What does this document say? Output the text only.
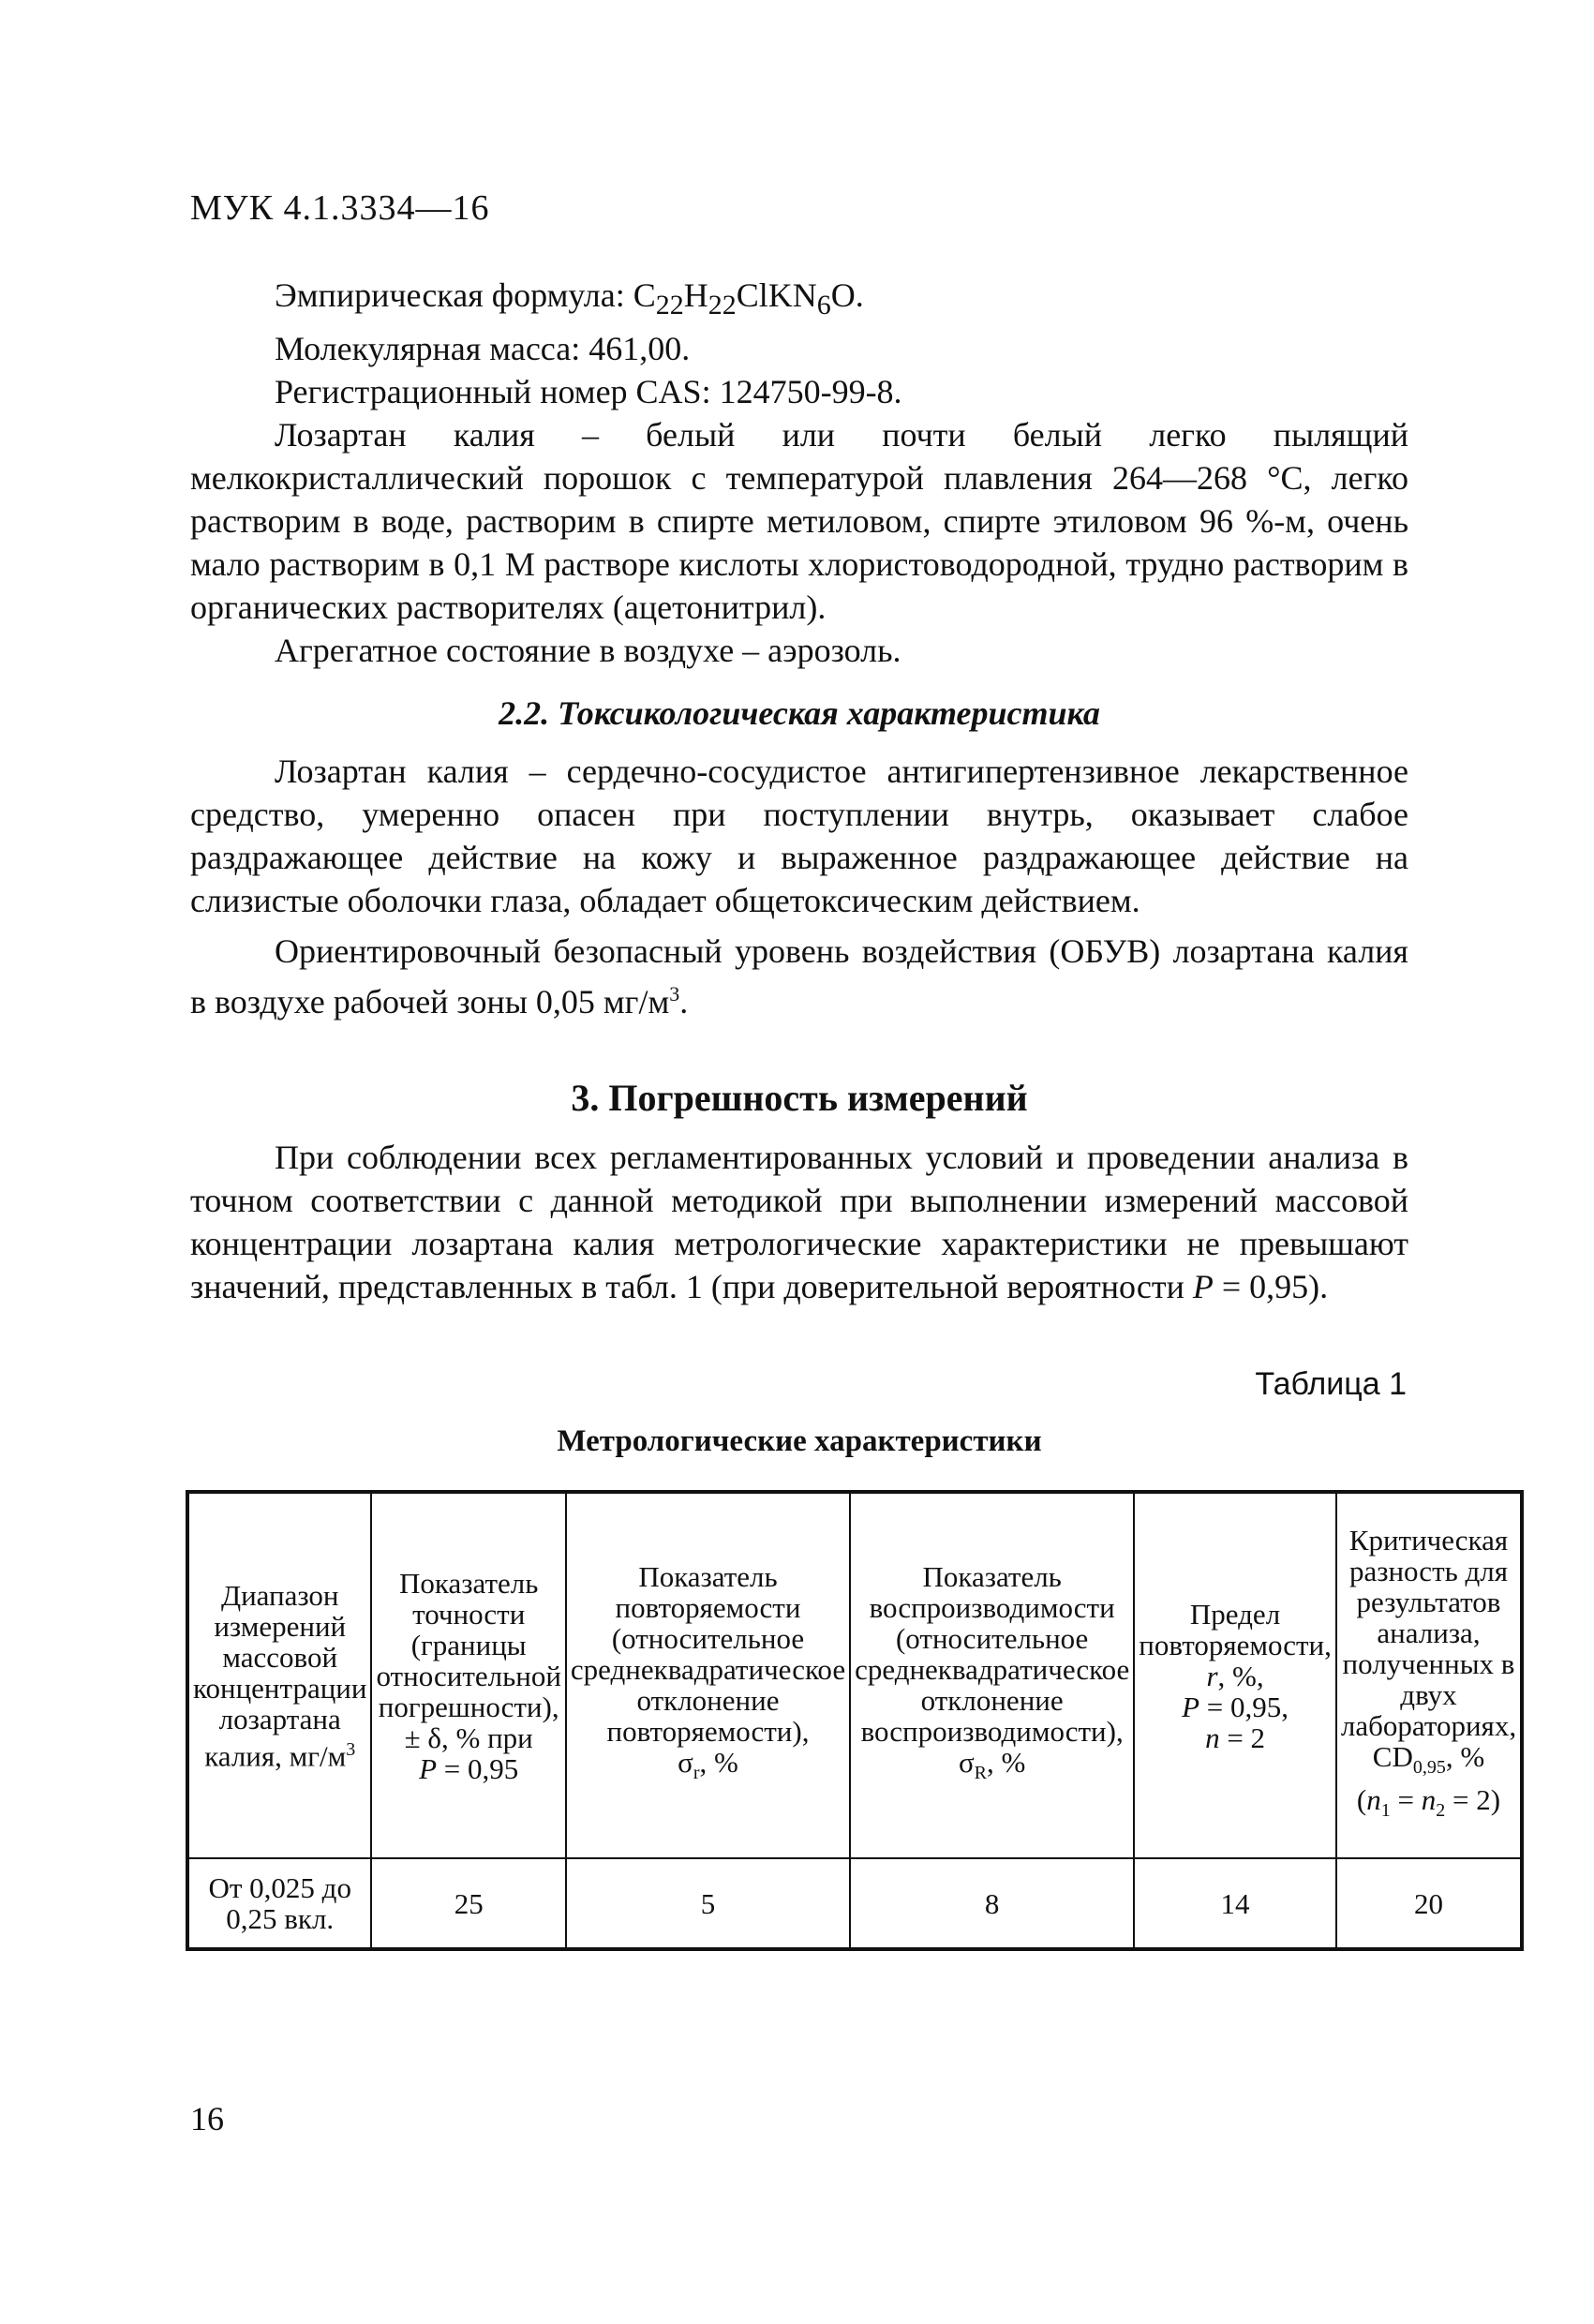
МУК 4.1.3334—16

Эмпирическая формула: $C_{22}H_{22}ClKN_6O$.

Молекулярная масса: 461,00.

Регистрационный номер CAS: 124750-99-8.

Лозартан калия – белый или почти белый легко пылящий мелкокристаллический порошок с температурой плавления 264—268 °С, легко растворим в воде, растворим в спирте метиловом, спирте этиловом 96 %-м, очень мало растворим в 0,1 М растворе кислоты хлористоводородной, трудно растворим в органических растворителях (ацетонитрил).

Агрегатное состояние в воздухе – аэрозоль.

2.2. Токсикологическая характеристика

Лозартан калия – сердечно-сосудистое антигипертензивное лекарственное средство, умеренно опасен при поступлении внутрь, оказывает слабое раздражающее действие на кожу и выраженное раздражающее действие на слизистые оболочки глаза, обладает общетоксическим действием.

Ориентировочный безопасный уровень воздействия (ОБУВ) лозартана калия в воздухе рабочей зоны 0,05 $мг/м^3$.

3. Погрешность измерений

При соблюдении всех регламентированных условий и проведении анализа в точном соответствии с данной методикой при выполнении измерений массовой концентрации лозартана калия метрологические характеристики не превышают значений, представленных в табл. 1 (при доверительной вероятности P = 0,95).

Таблица 1
Метрологические характеристики
Диапазон измерений массовой концентрации лозартана калия, $мг/м^3$	Показатель точности (границы относительной погрешности), ± δ, % при
P = 0,95	Показатель повторяемости (относительное среднеквадратическое отклонение повторяемости),
$\sigma_r$, %	Показатель воспроизводимости (относительное среднеквадратическое отклонение воспроизводимости),
$\sigma_R$, %	Предел повторяемости,
r, %,
P = 0,95,
n = 2	Критическая разность для результатов анализа, полученных в двух лабораториях,
$CD_{0,95}$, %
$(n_1 = n_2 = 2)$
От 0,025 до 0,25 вкл.	25	5	8	14	20
16
